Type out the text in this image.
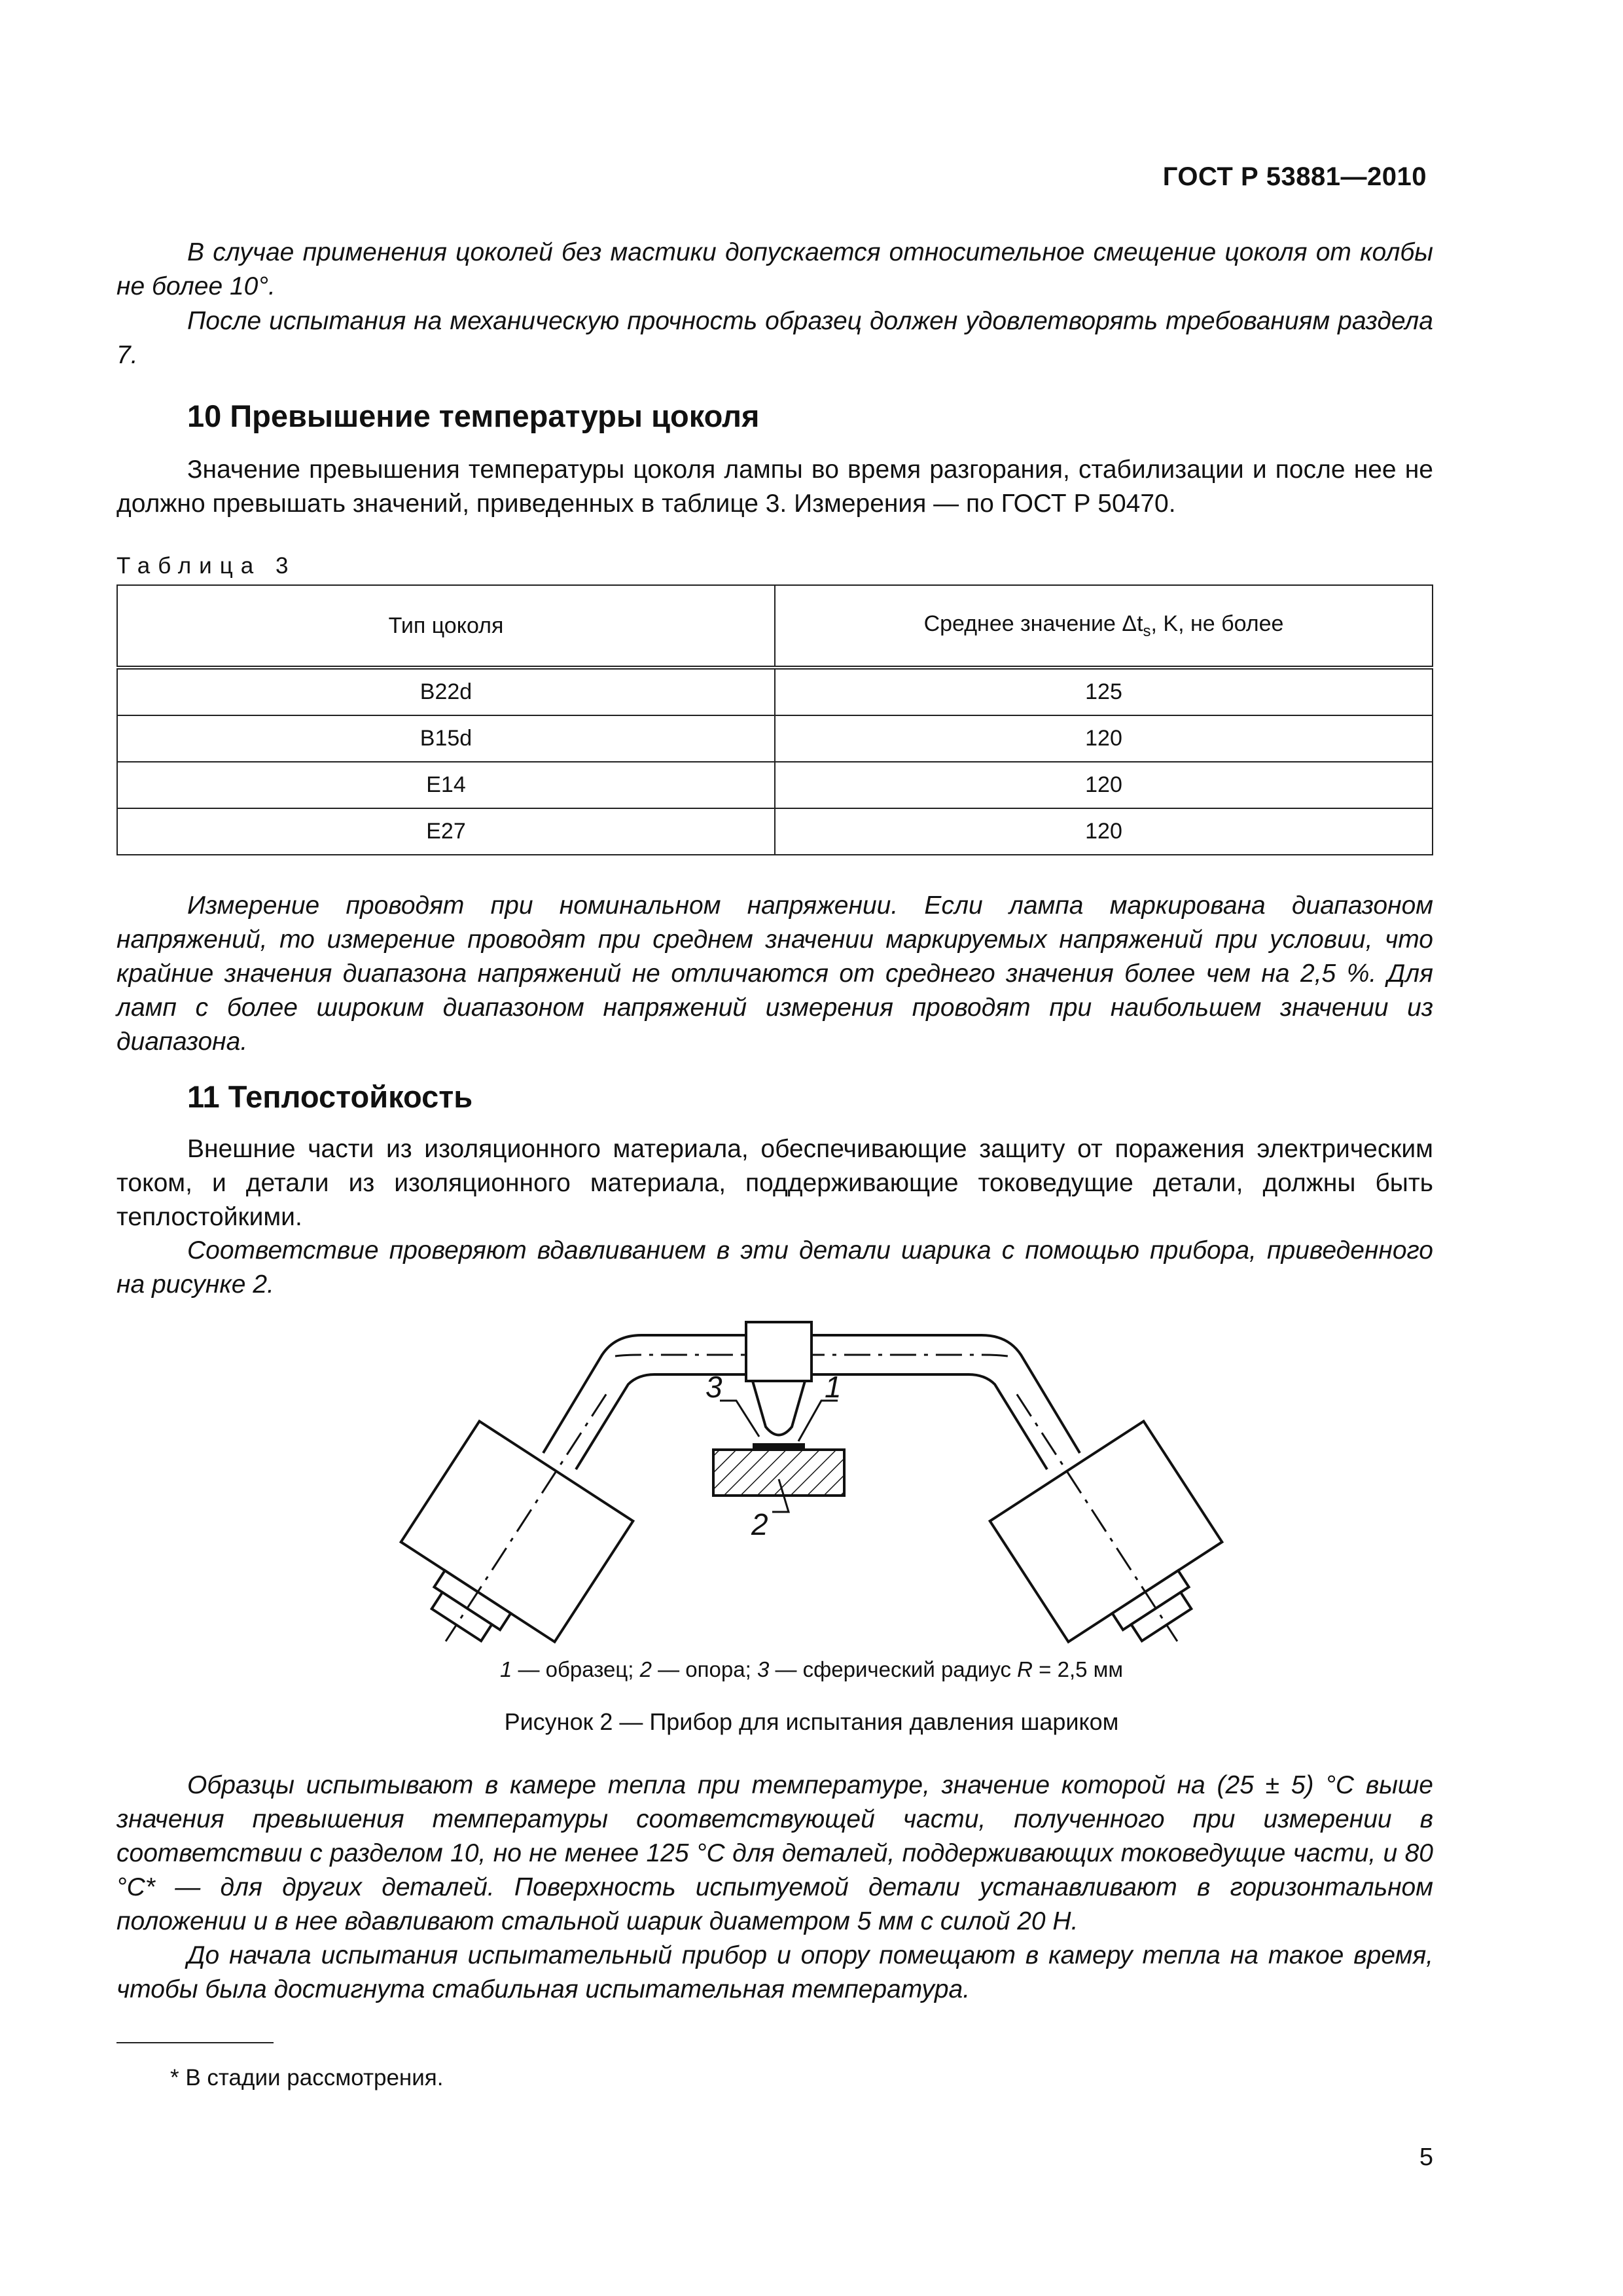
ГОСТ Р 53881—2010

В случае применения цоколей без мастики допускается относительное смещение цоколя от колбы не более 10°.

После испытания на механическую прочность образец должен удовлетворять требованиям раздела 7.

10 Превышение температуры цоколя

Значение превышения температуры цоколя лампы во время разгорания, стабилизации и после нее не должно превышать значений, приведенных в таблице 3. Измерения — по ГОСТ Р 50470.

Таблица 3
Тип цоколя	Среднее значение $\Delta t_s$, K, не более
B22d	125
B15d	120
E14	120
E27	120

Измерение проводят при номинальном напряжении. Если лампа маркирована диапазоном напряжений, то измерение проводят при среднем значении маркируемых напряжений при условии, что крайние значения диапазона напряжений не отличаются от среднего значения более чем на 2,5 %. Для ламп с более широким диапазоном напряжений измерения проводят при наибольшем значении из диапазона.

11 Теплостойкость

Внешние части из изоляционного материала, обеспечивающие защиту от поражения электрическим током, и детали из изоляционного материала, поддерживающие токоведущие детали, должны быть теплостойкими.

Соответствие проверяют вдавливанием в эти детали шарика с помощью прибора, приведенного на рисунке 2.

3	1
2
1 — образец; 2 — опора; 3 — сферический радиус R = 2,5 мм
Рисунок 2 — Прибор для испытания давления шариком

Образцы испытывают в камере тепла при температуре, значение которой на (25 ± 5) °С выше значения превышения температуры соответствующей части, полученного при измерении в соответствии с разделом 10, но не менее 125 °С для деталей, поддерживающих токоведущие части, и 80 °С* — для других деталей. Поверхность испытуемой детали устанавливают в горизонтальном положении и в нее вдавливают стальной шарик диаметром 5 мм с силой 20 Н.

До начала испытания испытательный прибор и опору помещают в камеру тепла на такое время, чтобы была достигнута стабильная испытательная температура.

* В стадии рассмотрения.
5
